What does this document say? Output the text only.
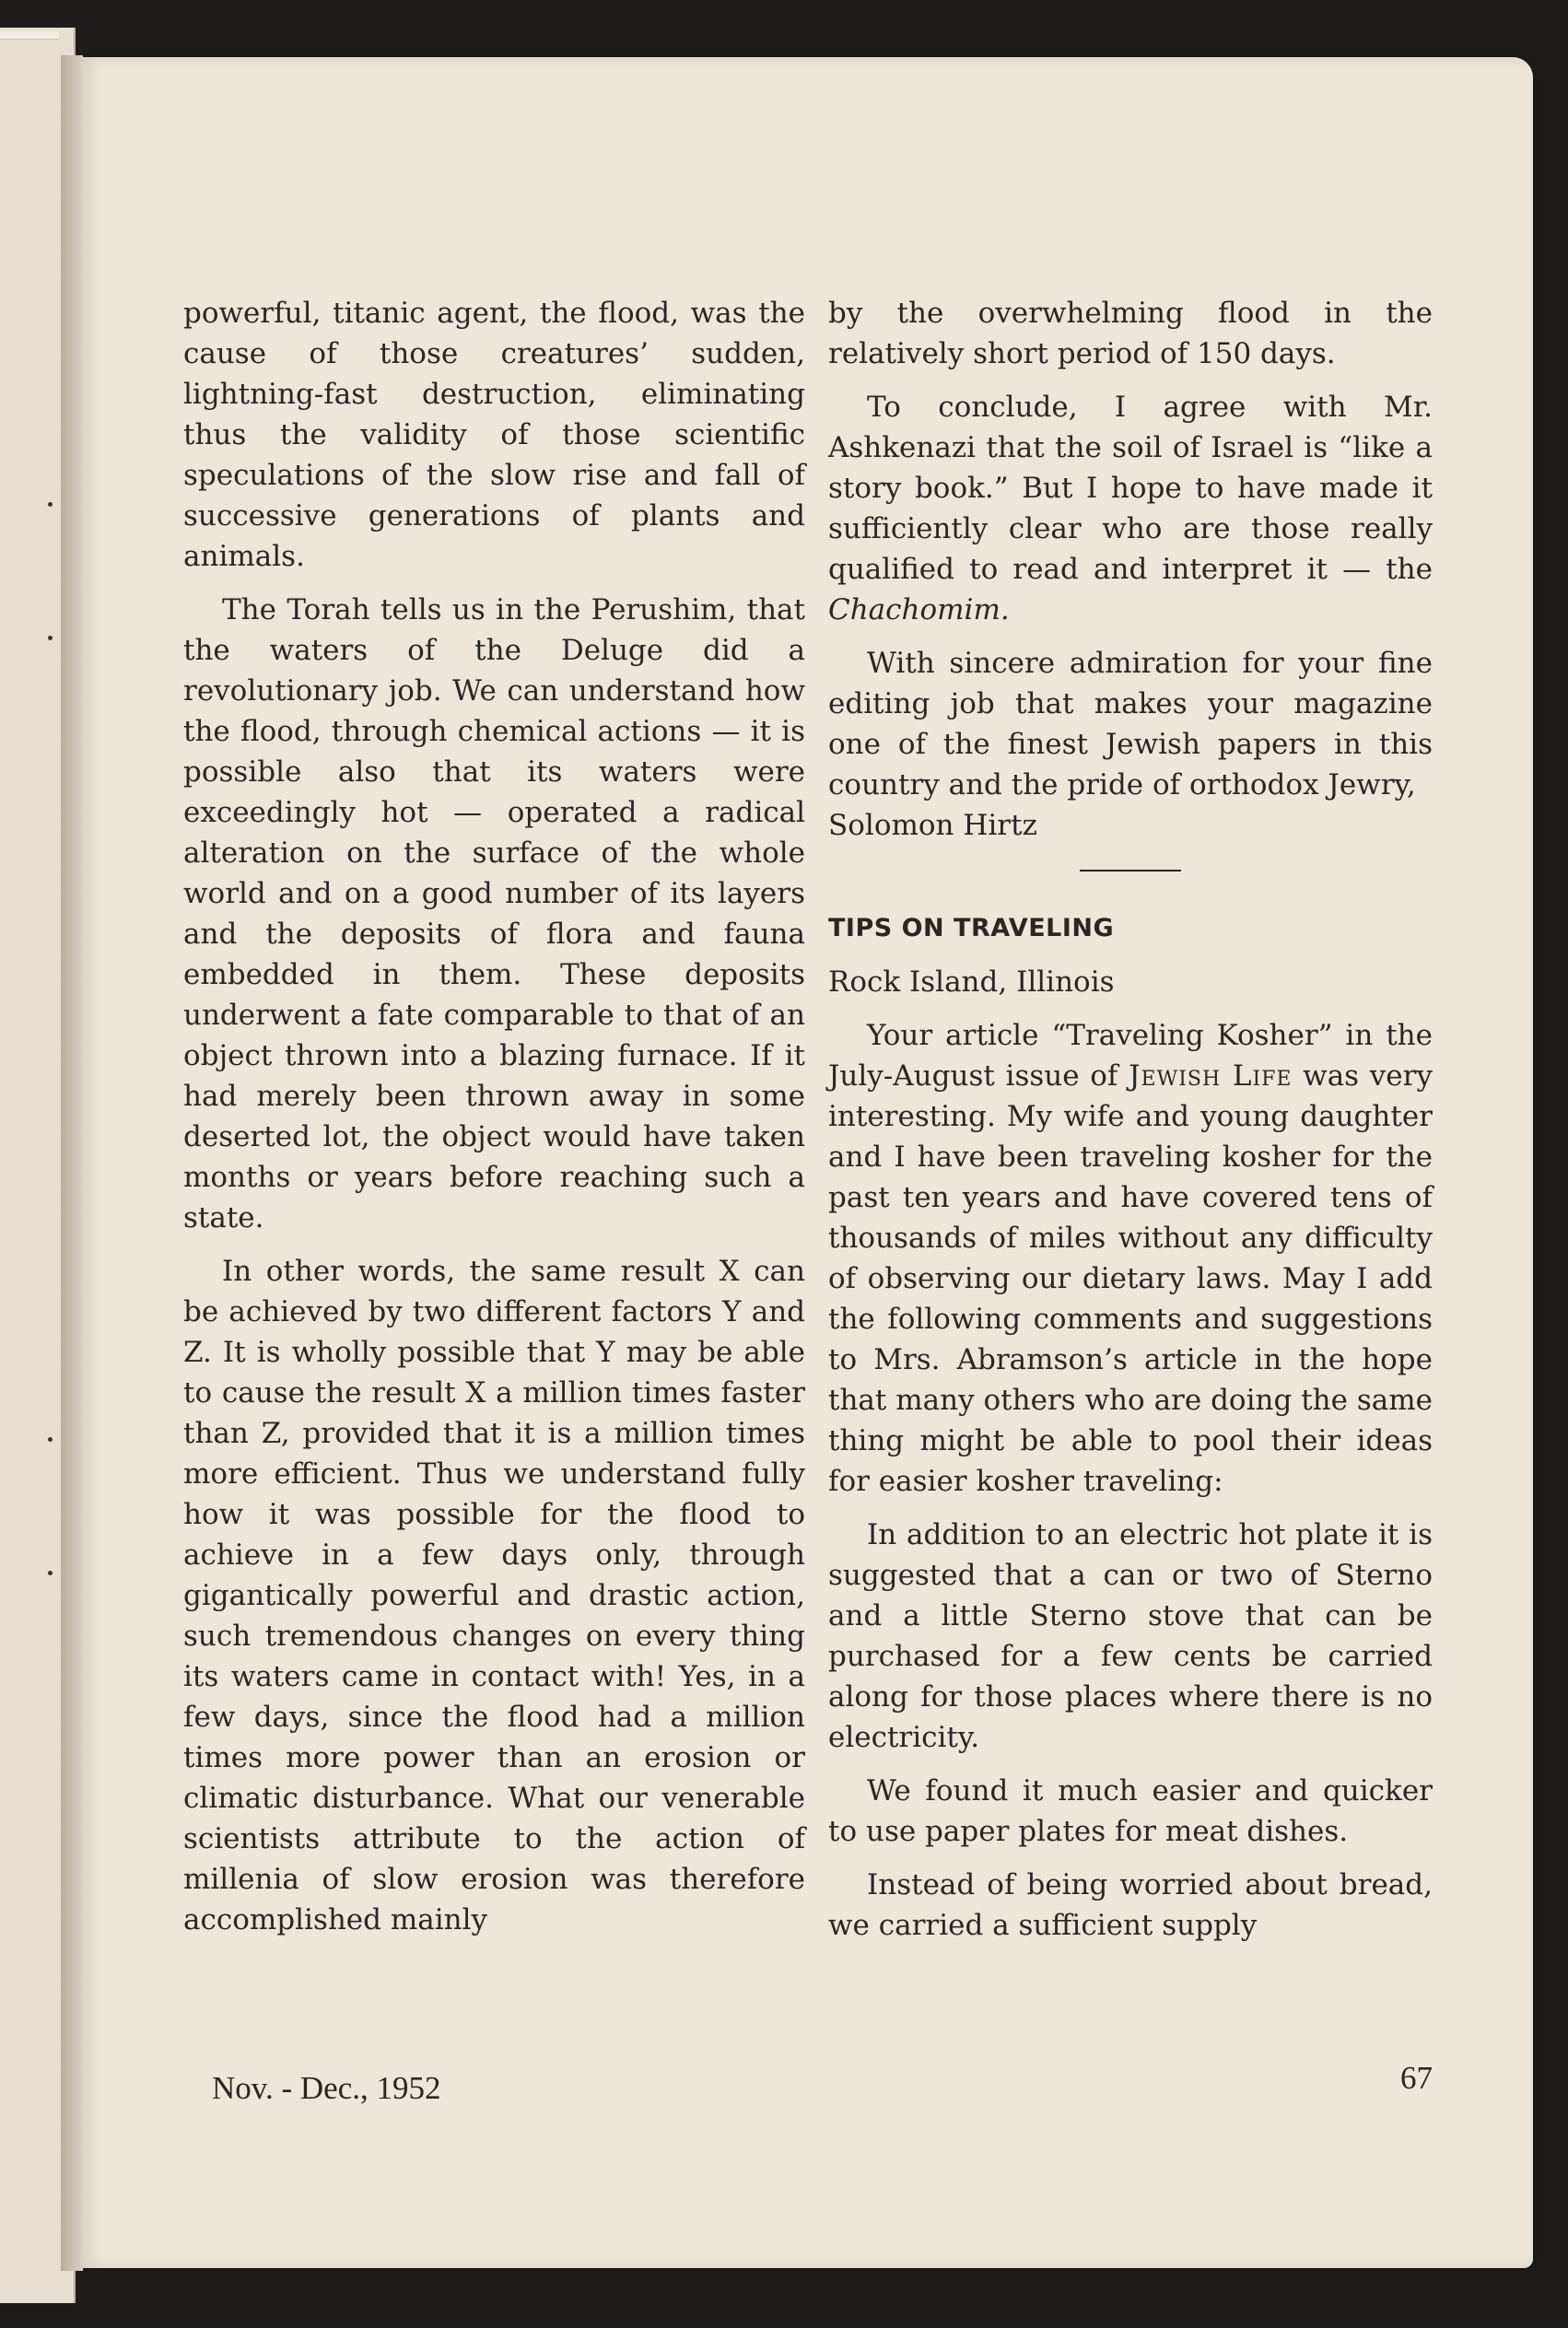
powerful, titanic agent, the flood, was the cause of those creatures’ sudden, lightning-fast destruction, eliminating thus the validity of those scientific speculations of the slow rise and fall of successive generations of plants and animals.

The Torah tells us in the Perushim, that the waters of the Deluge did a revolutionary job. We can understand how the flood, through chemical actions — it is possible also that its waters were exceedingly hot — operated a radical alteration on the surface of the whole world and on a good number of its layers and the deposits of flora and fauna embedded in them. These deposits underwent a fate comparable to that of an object thrown into a blazing furnace. If it had merely been thrown away in some deserted lot, the object would have taken months or years before reaching such a state.

In other words, the same result X can be achieved by two different factors Y and Z. It is wholly possible that Y may be able to cause the result X a million times faster than Z, provided that it is a million times more efficient. Thus we understand fully how it was possible for the flood to achieve in a few days only, through gigantically powerful and drastic action, such tremendous changes on every thing its waters came in contact with! Yes, in a few days, since the flood had a million times more power than an erosion or climatic disturbance. What our venerable scientists attribute to the action of millenia of slow erosion was therefore accomplished mainly

by the overwhelming flood in the relatively short period of 150 days.

To conclude, I agree with Mr. Ashkenazi that the soil of Israel is “like a story book.” But I hope to have made it sufficiently clear who are those really qualified to read and interpret it — the Chachomim.

With sincere admiration for your fine editing job that makes your magazine one of the finest Jewish papers in this country and the pride of orthodox Jewry,

Solomon Hirtz

TIPS ON TRAVELING

Rock Island, Illinois

Your article “Traveling Kosher” in the July-August issue of Jewish Life was very interesting. My wife and young daughter and I have been traveling kosher for the past ten years and have covered tens of thousands of miles without any difficulty of observing our dietary laws. May I add the following comments and suggestions to Mrs. Abramson’s article in the hope that many others who are doing the same thing might be able to pool their ideas for easier kosher traveling:

In addition to an electric hot plate it is suggested that a can or two of Sterno and a little Sterno stove that can be purchased for a few cents be carried along for those places where there is no electricity.

We found it much easier and quicker to use paper plates for meat dishes.

Instead of being worried about bread, we carried a sufficient supply

Nov. - Dec., 1952	67
